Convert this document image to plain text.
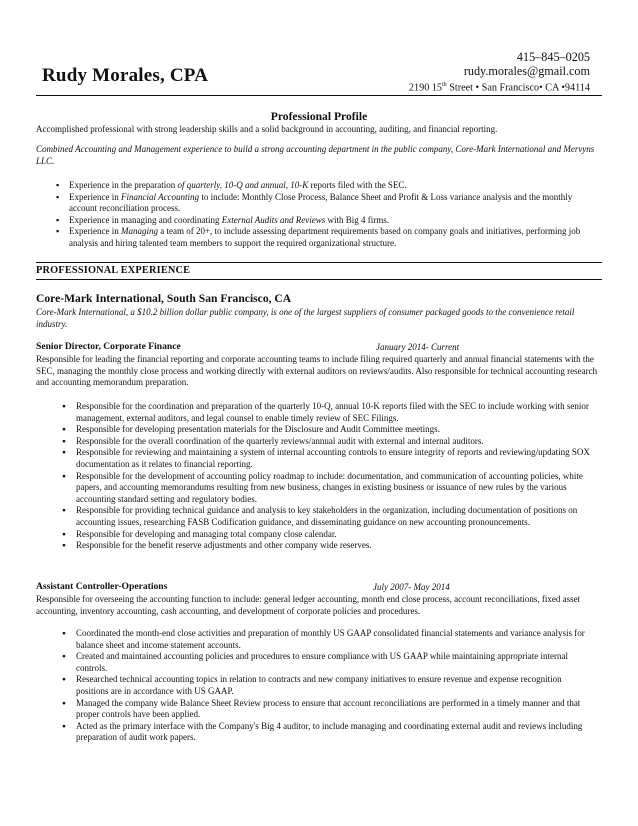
Rudy Morales, CPA
415–845–0205
rudy.morales@gmail.com
2190 15th Street • San Francisco• CA •94114
Professional Profile
Accomplished professional with strong leadership skills and a solid background in accounting, auditing, and financial reporting.
Combined Accounting and Management experience to build a strong accounting department in the public company, Core-Mark International and Mervyns LLC.
▪ Experience in the preparation of quarterly, 10-Q and annual, 10-K reports filed with the SEC.
▪ Experience in Financial Accounting to include: Monthly Close Process, Balance Sheet and Profit & Loss variance analysis and the monthly account reconciliation process.
▪ Experience in managing and coordinating External Audits and Reviews with Big 4 firms.
▪ Experience in Managing a team of 20+, to include assessing department requirements based on company goals and initiatives, performing job analysis and hiring talented team members to support the required organizational structure.
PROFESSIONAL EXPERIENCE
Core-Mark International, South San Francisco, CA
Core-Mark International, a $10.2 billion dollar public company, is one of the largest suppliers of consumer packaged goods to the convenience retail industry.
Senior Director, Corporate Finance	January 2014- Current
Responsible for leading the financial reporting and corporate accounting teams to include filing required quarterly and annual financial statements with the SEC, managing the monthly close process and working directly with external auditors on reviews/audits. Also responsible for technical accounting research and accounting memorandum preparation.
● Responsible for the coordination and preparation of the quarterly 10-Q, annual 10-K reports filed with the SEC to include working with senior management, external auditors, and legal counsel to enable timely review of SEC Filings.
● Responsible for developing presentation materials for the Disclosure and Audit Committee meetings.
● Responsible for the overall coordination of the quarterly reviews/annual audit with external and internal auditors.
● Responsible for reviewing and maintaining a system of internal accounting controls to ensure integrity of reports and reviewing/updating SOX documentation as it relates to financial reporting.
● Responsible for the development of accounting policy roadmap to include: documentation, and communication of accounting policies, white papers, and accounting memorandums resulting from new business, changes in existing business or issuance of new rules by the various accounting standard setting and regulatory bodies.
● Responsible for providing technical guidance and analysis to key stakeholders in the organization, including documentation of positions on accounting issues, researching FASB Codification guidance, and disseminating guidance on new accounting pronouncements.
● Responsible for developing and managing total company close calendar.
● Responsible for the benefit reserve adjustments and other company wide reserves.
Assistant Controller-Operations	July 2007- May 2014
Responsible for overseeing the accounting function to include: general ledger accounting, month end close process, account reconciliations, fixed asset accounting, inventory accounting, cash accounting, and development of corporate policies and procedures.
● Coordinated the month-end close activities and preparation of monthly US GAAP consolidated financial statements and variance analysis for balance sheet and income statement accounts.
● Created and maintained accounting policies and procedures to ensure compliance with US GAAP while maintaining appropriate internal controls.
● Researched technical accounting topics in relation to contracts and new company initiatives to ensure revenue and expense recognition positions are in accordance with US GAAP.
● Managed the company wide Balance Sheet Review process to ensure that account reconciliations are performed in a timely manner and that proper controls have been applied.
● Acted as the primary interface with the Company's Big 4 auditor, to include managing and coordinating external audit and reviews including preparation of audit work papers.
